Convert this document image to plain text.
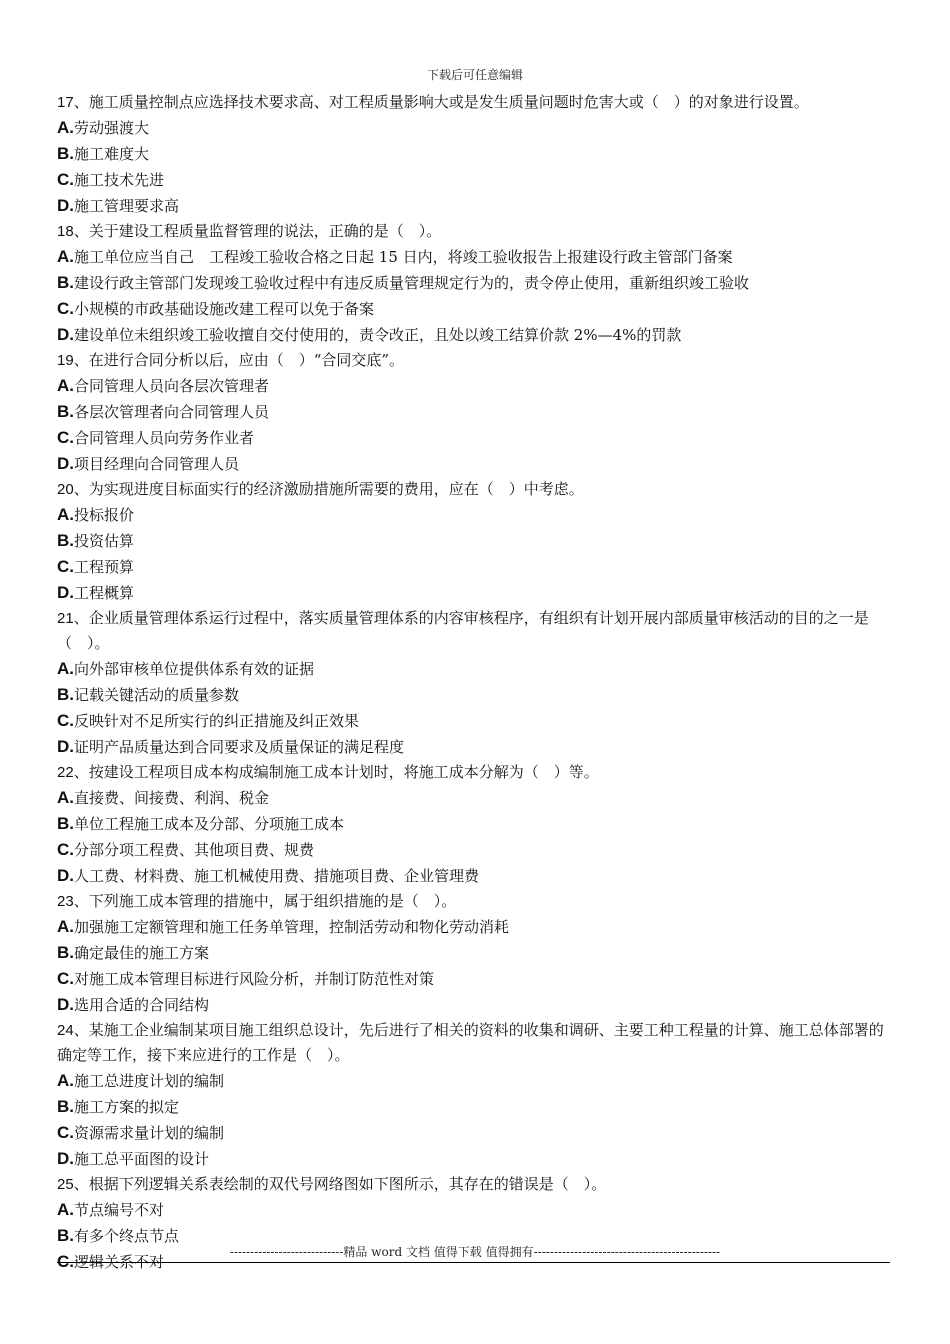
下载后可任意编辑

17、施工质量控制点应选择技术要求高、对工程质量影响大或是发生质量问题时危害大或（　）的对象进行设置。

A.劳动强渡大

B.施工难度大

C.施工技术先进

D.施工管理要求高

18、关于建设工程质量监督管理的说法，正确的是（　）。

A.施工单位应当自己　工程竣工验收合格之日起 15 日内，将竣工验收报告上报建设行政主管部门备案

B.建设行政主管部门发现竣工验收过程中有违反质量管理规定行为的，责令停止使用，重新组织竣工验收

C.小规模的市政基础设施改建工程可以免于备案

D.建设单位未组织竣工验收擅自交付使用的，责令改正，且处以竣工结算价款 2%—4%的罚款

19、在进行合同分析以后，应由（　）“合同交底”。

A.合同管理人员向各层次管理者

B.各层次管理者向合同管理人员

C.合同管理人员向劳务作业者

D.项目经理向合同管理人员

20、为实现进度目标面实行的经济激励措施所需要的费用，应在（　）中考虑。

A.投标报价

B.投资估算

C.工程预算

D.工程概算

21、企业质量管理体系运行过程中，落实质量管理体系的内容审核程序，有组织有计划开展内部质量审核活动的目的之一是（　）。

A.向外部审核单位提供体系有效的证据

B.记载关键活动的质量参数

C.反映针对不足所实行的纠正措施及纠正效果

D.证明产品质量达到合同要求及质量保证的满足程度

22、按建设工程项目成本构成编制施工成本计划时，将施工成本分解为（　）等。

A.直接费、间接费、利润、税金

B.单位工程施工成本及分部、分项施工成本

C.分部分项工程费、其他项目费、规费

D.人工费、材料费、施工机械使用费、措施项目费、企业管理费

23、下列施工成本管理的措施中，属于组织措施的是（　）。

A.加强施工定额管理和施工任务单管理，控制活劳动和物化劳动消耗

B.确定最佳的施工方案

C.对施工成本管理目标进行风险分析，并制订防范性对策

D.选用合适的合同结构

24、某施工企业编制某项目施工组织总设计，先后进行了相关的资料的收集和调研、主要工种工程量的计算、施工总体部署的确定等工作，接下来应进行的工作是（　）。

A.施工总进度计划的编制

B.施工方案的拟定

C.资源需求量计划的编制

D.施工总平面图的设计

25、根据下列逻辑关系表绘制的双代号网络图如下图所示，其存在的错误是（　）。

A.节点编号不对

B.有多个终点节点

C.逻辑关系不对

----------------------------精品 word 文档 值得下载 值得拥有----------------------------------------------
